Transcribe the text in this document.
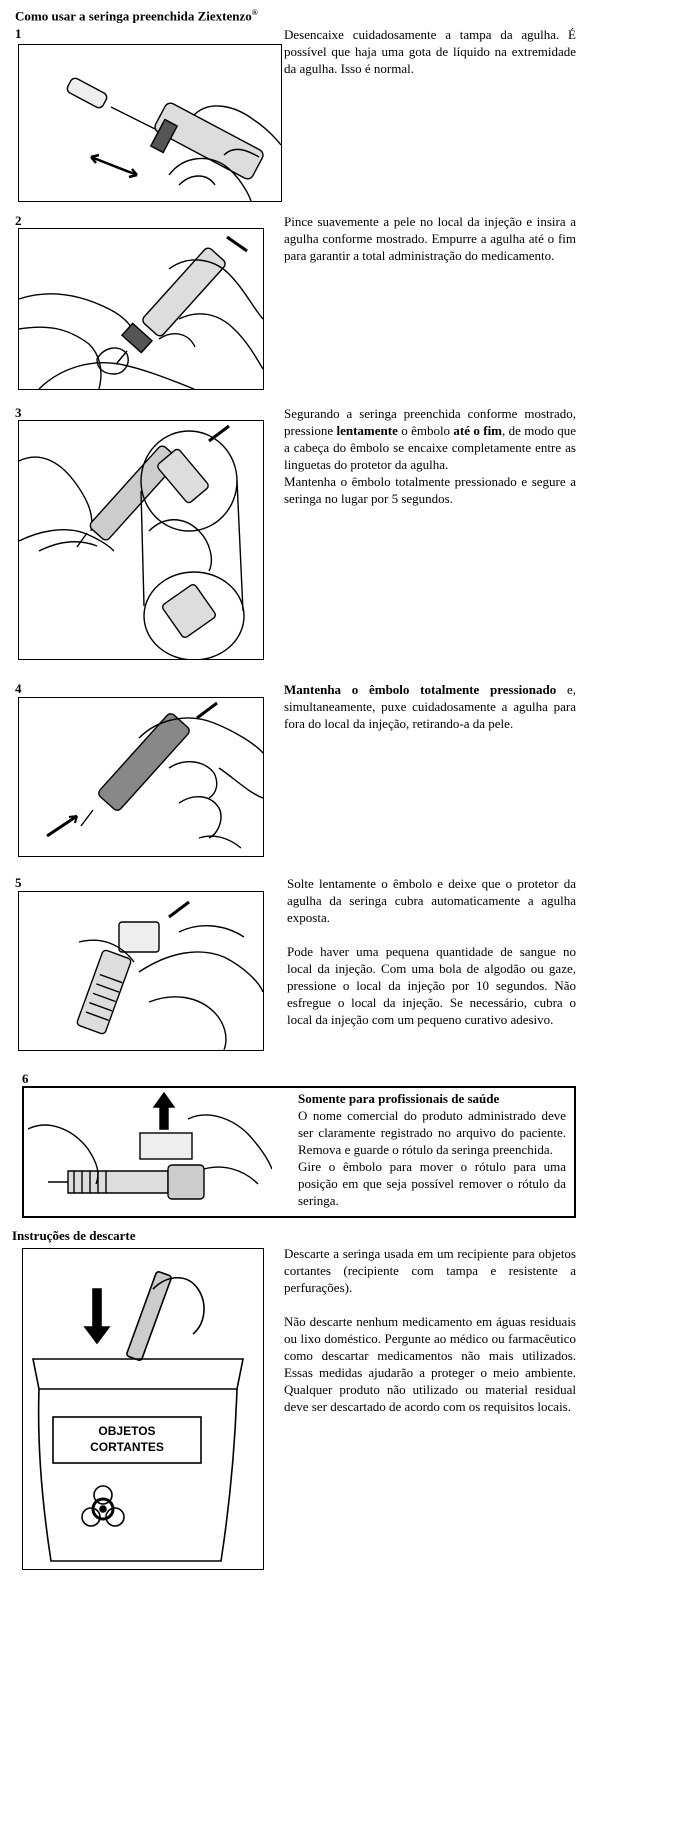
Como usar a seringa preenchida Ziextenzo®
1	Desencaixe cuidadosamente a tampa da agulha. É possível que haja uma gota de líquido na extremidade da agulha. Isso é normal.

2	Pince suavemente a pele no local da injeção e insira a agulha conforme mostrado. Empurre a agulha até o fim para garantir a total administração do medicamento.

3	Segurando a seringa preenchida conforme mostrado, pressione lentamente o êmbolo até o fim, de modo que a cabeça do êmbolo se encaixe completamente entre as linguetas do protetor da agulha.

Mantenha o êmbolo totalmente pressionado e segure a seringa no lugar por 5 segundos.

4	Mantenha o êmbolo totalmente pressionado e, simultaneamente, puxe cuidadosamente a agulha para fora do local da injeção, retirando-a da pele.

5	Solte lentamente o êmbolo e deixe que o protetor da agulha da seringa cubra automaticamente a agulha exposta.

Pode haver uma pequena quantidade de sangue no local da injeção. Com uma bola de algodão ou gaze, pressione o local da injeção por 10 segundos. Não esfregue o local da injeção. Se necessário, cubra o local da injeção com um pequeno curativo adesivo.

6

Somente para profissionais de saúde

O nome comercial do produto administrado deve ser claramente registrado no arquivo do paciente. Remova e guarde o rótulo da seringa preenchida.

Gire o êmbolo para mover o rótulo para uma posição em que seja possível remover o rótulo da seringa.

Instruções de descarte
OBJETOS
CORTANTES

Descarte a seringa usada em um recipiente para objetos cortantes (recipiente com tampa e resistente a perfurações).

Não descarte nenhum medicamento em águas residuais ou lixo doméstico. Pergunte ao médico ou farmacêutico como descartar medicamentos não mais utilizados. Essas medidas ajudarão a proteger o meio ambiente. Qualquer produto não utilizado ou material residual deve ser descartado de acordo com os requisitos locais.
